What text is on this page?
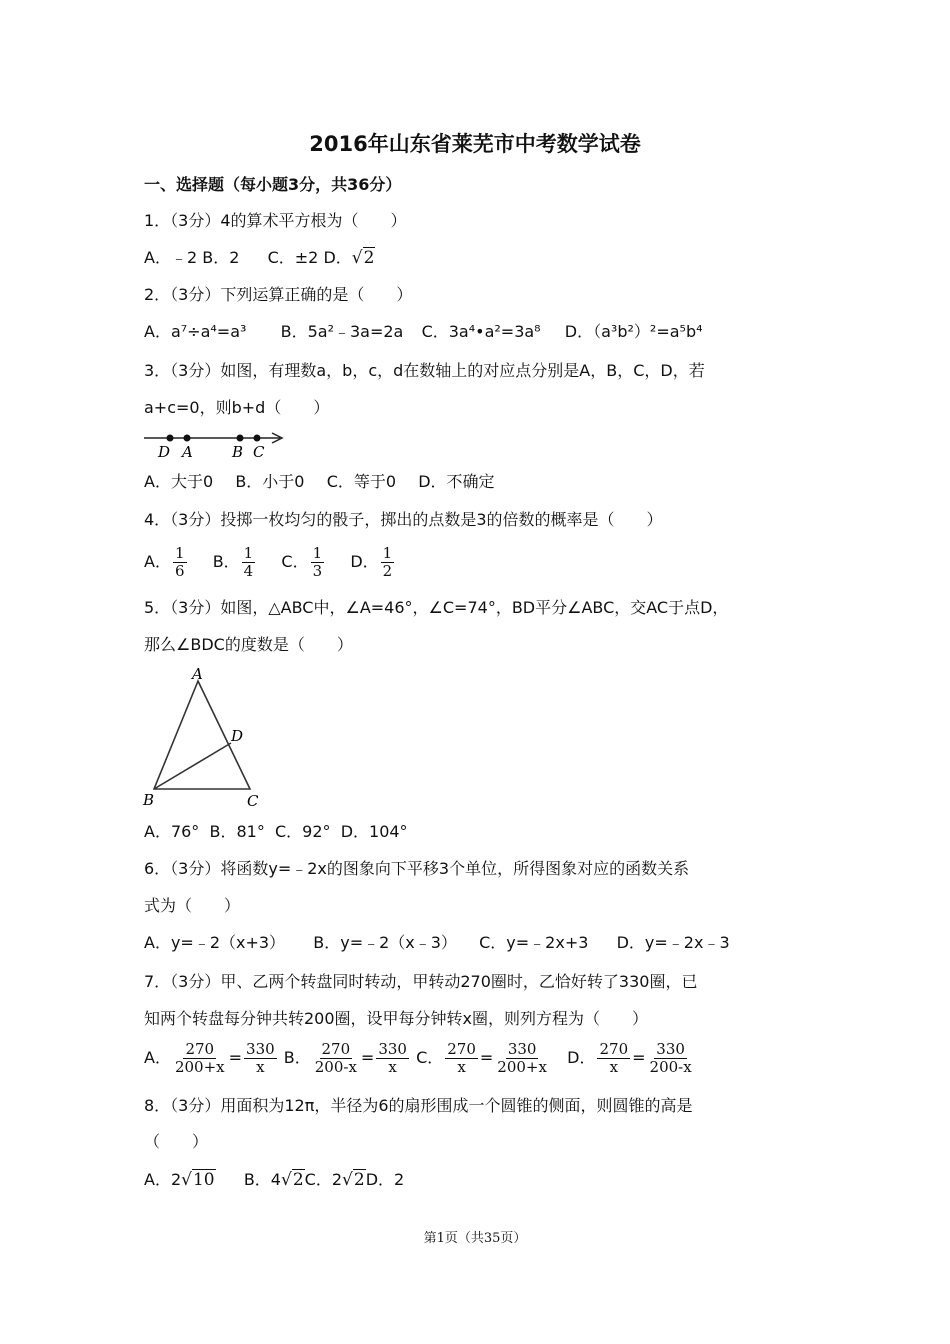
2016年山东省莱芜市中考数学试卷
一、选择题（每小题3分，共36分）
1．（3分）4的算术平方根为（　　）
A．﹣2 B．2 C．±2 D．√2
2．（3分）下列运算正确的是（　　）
A．a⁷÷a⁴=a³ B．5a²﹣3a=2a C．3a⁴•a²=3a⁸ D．（a³b²）²=a⁵b⁴
3．（3分）如图，有理数a，b，c，d在数轴上的对应点分别是A，B，C，D，若
a+c=0，则b+d（　　）
D A	B C
A．大于0 B．小于0 C．等于0 D．不确定
4．（3分）投掷一枚均匀的骰子，掷出的点数是3的倍数的概率是（　　）
A． $\frac{1}{6}$ B． $\frac{1}{4}$ C． $\frac{1}{3}$ D． $\frac{1}{2}$
5．（3分）如图，△ABC中，∠A=46°，∠C=74°，BD平分∠ABC，交AC于点D，
那么∠BDC的度数是（　　）
A
D
B	C
A．76°  B．81°  C．92°  D．104°
6．（3分）将函数y=﹣2x的图象向下平移3个单位，所得图象对应的函数关系
式为（　　）
A．y=﹣2（x+3） B．y=﹣2（x﹣3） C．y=﹣2x+3 D．y=﹣2x﹣3
7．（3分）甲、乙两个转盘同时转动，甲转动270圈时，乙恰好转了330圈，已
知两个转盘每分钟共转200圈，设甲每分钟转x圈，则列方程为（　　）
A． $\frac{270}{200+x} = \frac{330}{x}$ B． $\frac{270}{200-x} = \frac{330}{x}$ C． $\frac{270}{x} = \frac{330}{200+x}$ D． $\frac{270}{x} = \frac{330}{200-x}$
8．（3分）用面积为12π，半径为6的扇形围成一个圆锥的侧面，则圆锥的高是
（　　）
A．2√10 B．4√2C．2√2D．2
第1页（共35页）
